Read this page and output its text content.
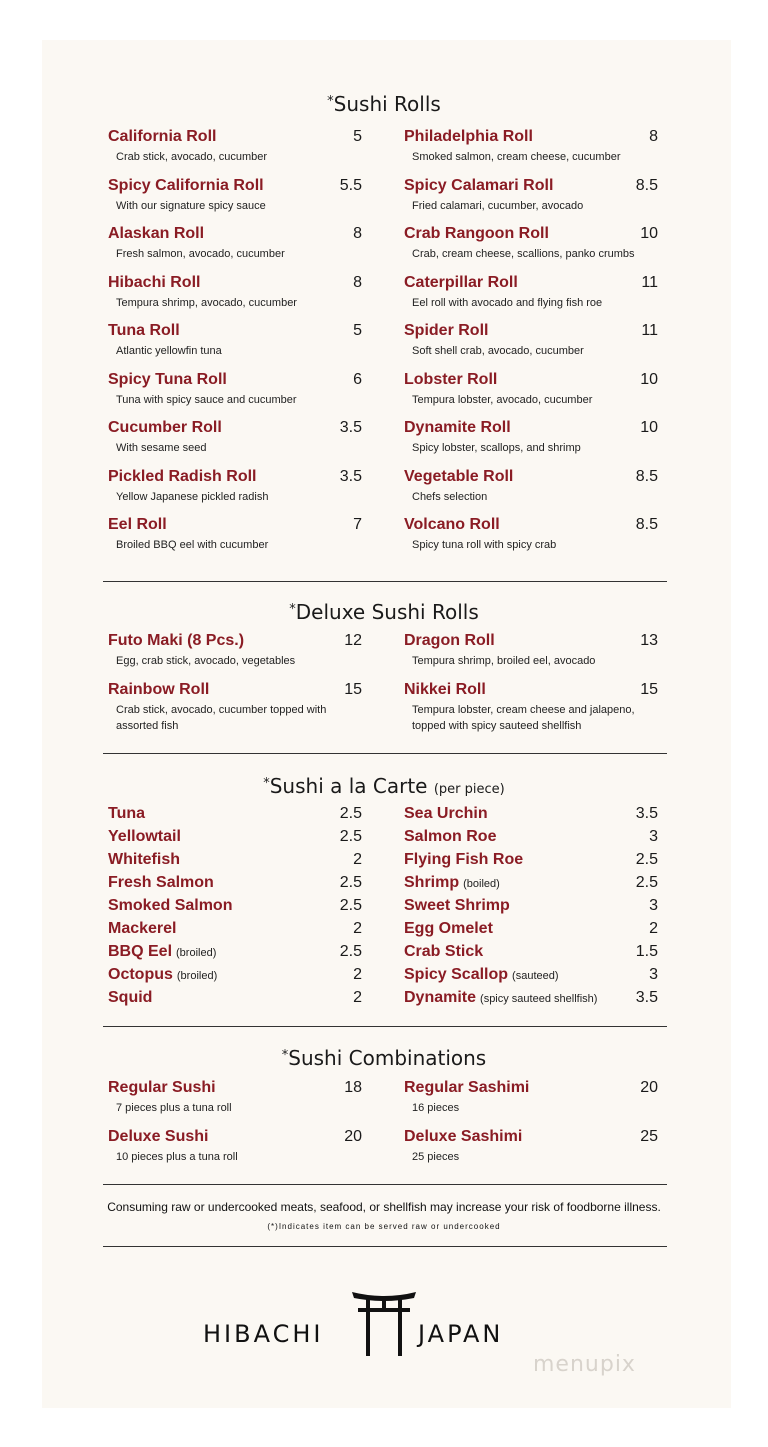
*Sushi Rolls
California Roll	5
Crab stick, avocado, cucumber
Spicy California Roll	5.5
With our signature spicy sauce
Alaskan Roll	8
Fresh salmon, avocado, cucumber
Hibachi Roll	8
Tempura shrimp, avocado, cucumber
Tuna Roll	5
Atlantic yellowfin tuna
Spicy Tuna Roll	6
Tuna with spicy sauce and cucumber
Cucumber Roll	3.5
With sesame seed
Pickled Radish Roll	3.5
Yellow Japanese pickled radish
Eel Roll	7
Broiled BBQ eel with cucumber
Philadelphia Roll	8
Smoked salmon, cream cheese, cucumber
Spicy Calamari Roll	8.5
Fried calamari, cucumber, avocado
Crab Rangoon Roll	10
Crab, cream cheese, scallions, panko crumbs
Caterpillar Roll	11
Eel roll with avocado and flying fish roe
Spider Roll	11
Soft shell crab, avocado, cucumber
Lobster Roll	10
Tempura lobster, avocado, cucumber
Dynamite Roll	10
Spicy lobster, scallops, and shrimp
Vegetable Roll	8.5
Chefs selection
Volcano Roll	8.5
Spicy tuna roll with spicy crab
*Deluxe Sushi Rolls
Futo Maki (8 Pcs.)	12
Egg, crab stick, avocado, vegetables
Rainbow Roll	15
Crab stick, avocado, cucumber topped with assorted fish
Dragon Roll	13
Tempura shrimp, broiled eel, avocado
Nikkei Roll	15
Tempura lobster, cream cheese and jalapeno, topped with spicy sauteed shellfish
*Sushi a la Carte (per piece)
Tuna	2.5
Yellowtail	2.5
Whitefish	2
Fresh Salmon	2.5
Smoked Salmon	2.5
Mackerel	2
BBQ Eel (broiled)	2.5
Octopus (broiled)	2
Squid	2
Sea Urchin	3.5
Salmon Roe	3
Flying Fish Roe	2.5
Shrimp (boiled)	2.5
Sweet Shrimp	3
Egg Omelet	2
Crab Stick	1.5
Spicy Scallop (sauteed)	3
Dynamite (spicy sauteed shellfish) 3.5
*Sushi Combinations
Regular Sushi	18
7 pieces plus a tuna roll
Deluxe Sushi	20
10 pieces plus a tuna roll
Regular Sashimi	20
16 pieces
Deluxe Sashimi	25
25 pieces
Consuming raw or undercooked meats, seafood, or shellfish may increase your risk of foodborne illness.
(*)Indicates item can be served raw or undercooked
HIBACHI	JAPAN
menupix
